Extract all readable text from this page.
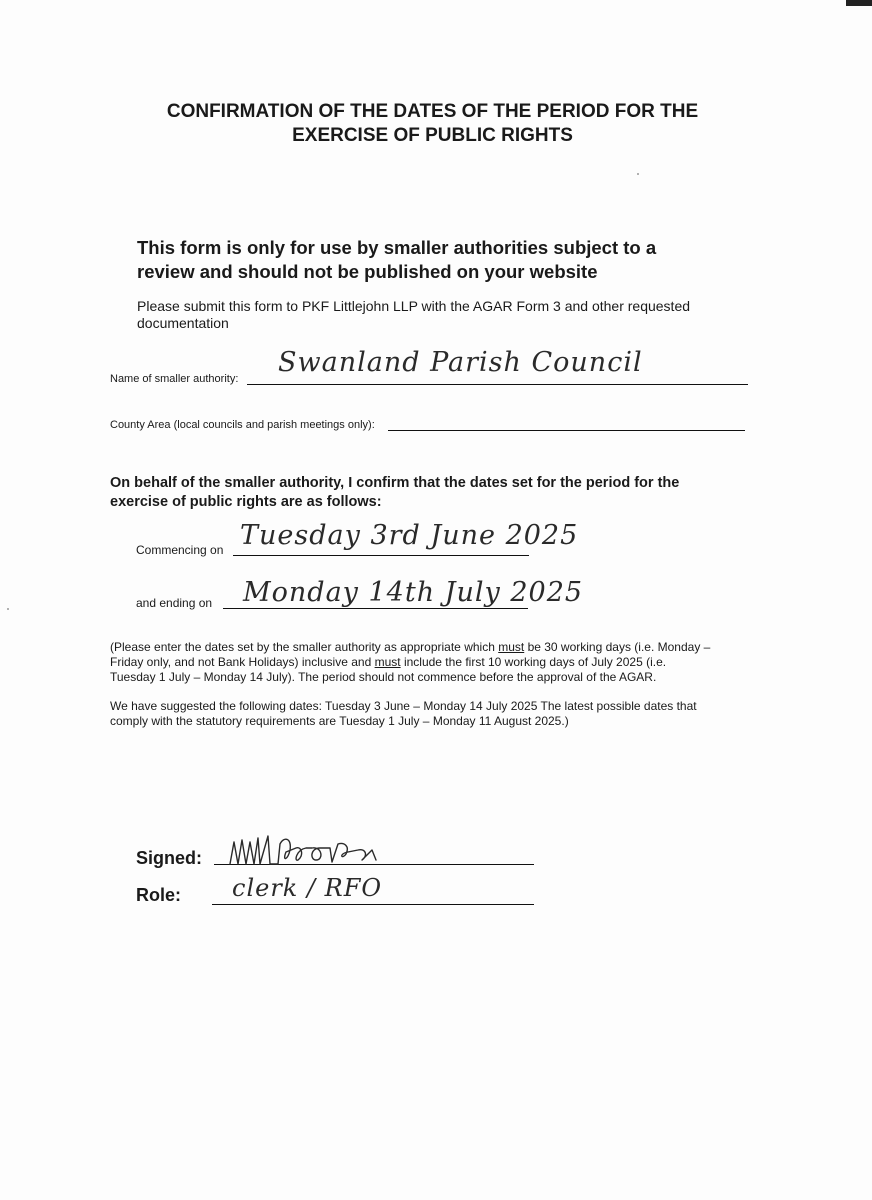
CONFIRMATION OF THE DATES OF THE PERIOD FOR THE
EXERCISE OF PUBLIC RIGHTS
This form is only for use by smaller authorities subject to a
review and should not be published on your website
Please submit this form to PKF Littlejohn LLP with the AGAR Form 3 and other requested documentation
Name of smaller authority:
Swanland Parish Council
County Area (local councils and parish meetings only):
On behalf of the smaller authority, I confirm that the dates set for the period for the
exercise of public rights are as follows:
Commencing on Tuesday 3rd June 2025
and ending on Monday 14th July 2025
(Please enter the dates set by the smaller authority as appropriate which must be 30 working days (i.e. Monday –
Friday only, and not Bank Holidays) inclusive and must include the first 10 working days of July 2025 (i.e.
Tuesday 1 July – Monday 14 July). The period should not commence before the approval of the AGAR.
We have suggested the following dates: Tuesday 3 June – Monday 14 July 2025 The latest possible dates that
comply with the statutory requirements are Tuesday 1 July – Monday 11 August 2025.)
Signed:
Role: clerk / RFO
